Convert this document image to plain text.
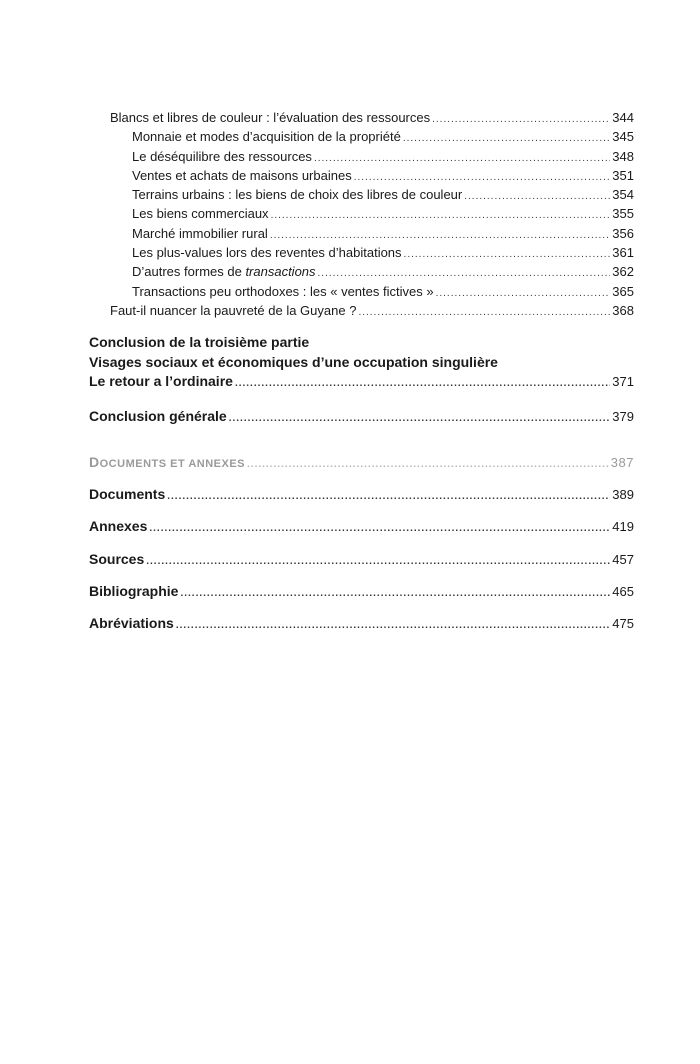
Blancs et libres de couleur : l’évaluation des ressources .....	344
Monnaie et modes d’acquisition de la propriété .....	345
Le déséquilibre des ressources .....	348
Ventes et achats de maisons urbaines .....	351
Terrains urbains : les biens de choix des libres de couleur .....	354
Les biens commerciaux .....	355
Marché immobilier rural .....	356
Les plus-values lors des reventes d’habitations .....	361
D’autres formes de transactions .....	362
Transactions peu orthodoxes : les « ventes fictives » .....	365
Faut-il nuancer la pauvreté de la Guyane ? .....	368
Conclusion de la troisième partie
Visages sociaux et économiques d’une occupation singulière
Le retour a l’ordinaire .....	371
Conclusion générale .....	379
DOCUMENTS ET ANNEXES .....	387
Documents .....	389
Annexes .....	419
Sources .....	457
Bibliographie .....	465
Abréviations .....	475
